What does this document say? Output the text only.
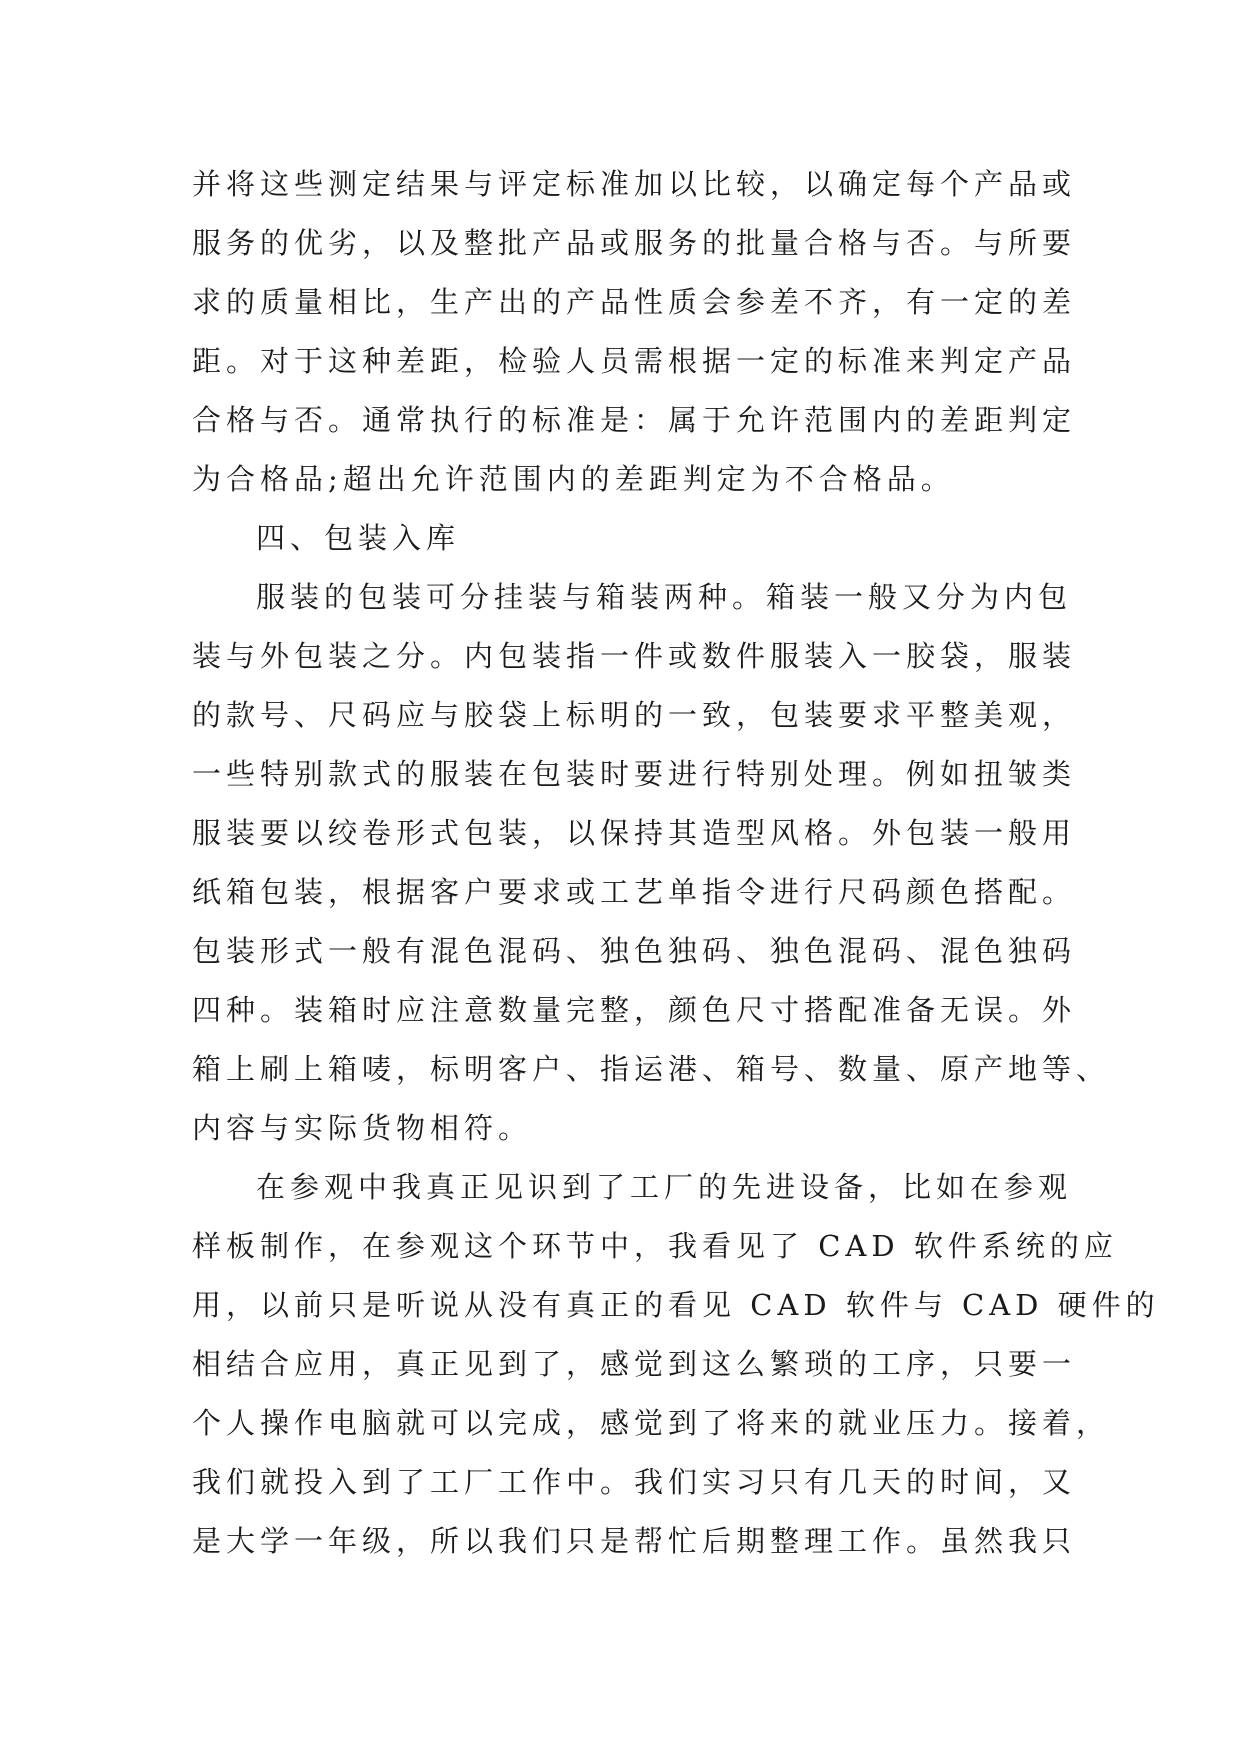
并将这些测定结果与评定标准加以比较，以确定每个产品或
服务的优劣，以及整批产品或服务的批量合格与否。与所要
求的质量相比，生产出的产品性质会参差不齐，有一定的差
距。对于这种差距，检验人员需根据一定的标准来判定产品
合格与否。通常执行的标准是：属于允许范围内的差距判定
为合格品;超出允许范围内的差距判定为不合格品。
四、包装入库
服装的包装可分挂装与箱装两种。箱装一般又分为内包
装与外包装之分。内包装指一件或数件服装入一胶袋，服装
的款号、尺码应与胶袋上标明的一致，包装要求平整美观，
一些特别款式的服装在包装时要进行特别处理。例如扭皱类
服装要以绞卷形式包装，以保持其造型风格。外包装一般用
纸箱包装，根据客户要求或工艺单指令进行尺码颜色搭配。
包装形式一般有混色混码、独色独码、独色混码、混色独码
四种。装箱时应注意数量完整，颜色尺寸搭配准备无误。外
箱上刷上箱唛，标明客户、指运港、箱号、数量、原产地等、
内容与实际货物相符。
在参观中我真正见识到了工厂的先进设备，比如在参观
样板制作，在参观这个环节中，我看见了 CAD 软件系统的应
用，以前只是听说从没有真正的看见 CAD 软件与 CAD 硬件的
相结合应用，真正见到了，感觉到这么繁琐的工序，只要一
个人操作电脑就可以完成，感觉到了将来的就业压力。接着，
我们就投入到了工厂工作中。我们实习只有几天的时间，又
是大学一年级，所以我们只是帮忙后期整理工作。虽然我只
